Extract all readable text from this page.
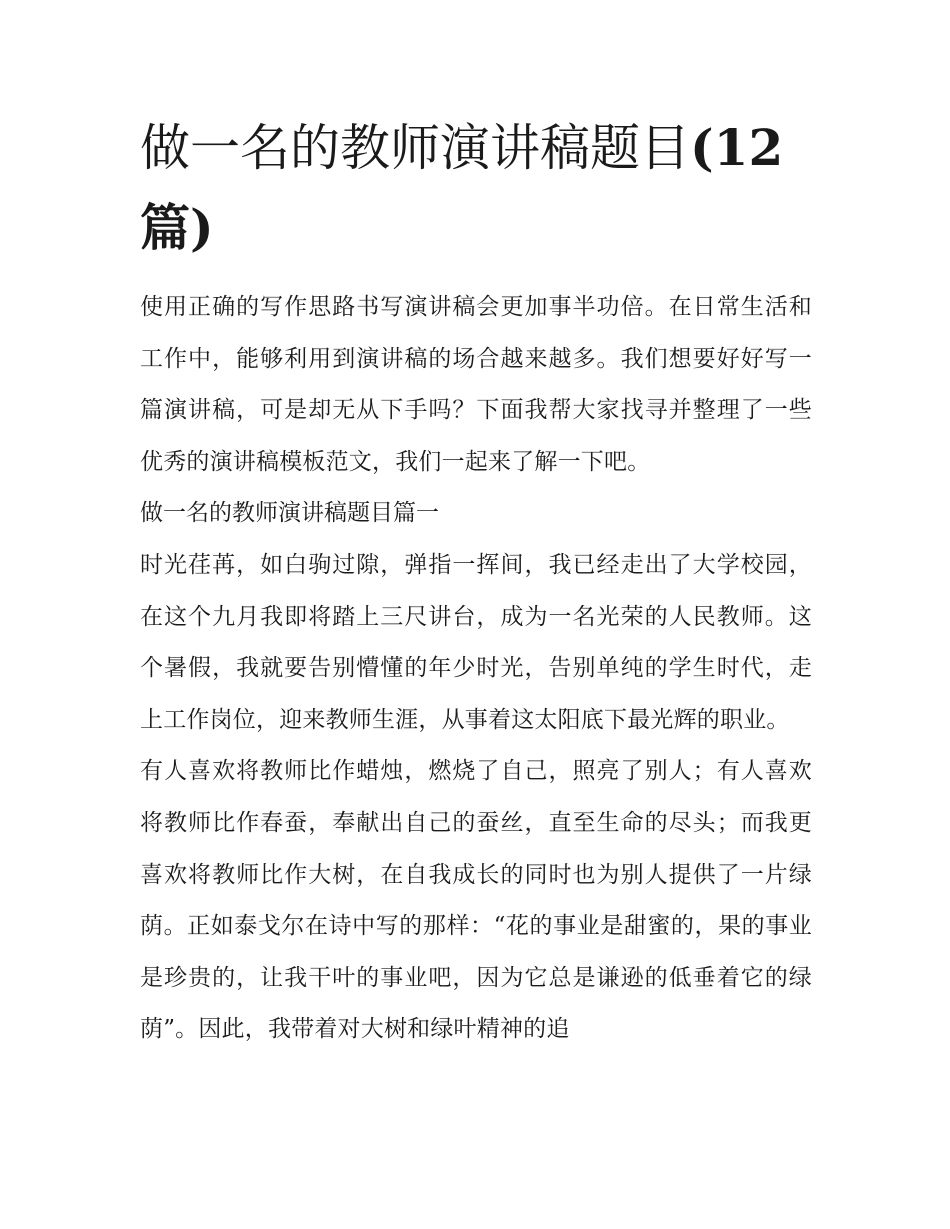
做一名的教师演讲稿题目(12篇)

使用正确的写作思路书写演讲稿会更加事半功倍。在日常生活和工作中，能够利用到演讲稿的场合越来越多。我们想要好好写一篇演讲稿，可是却无从下手吗？下面我帮大家找寻并整理了一些优秀的演讲稿模板范文，我们一起来了解一下吧。

做一名的教师演讲稿题目篇一

时光荏苒，如白驹过隙，弹指一挥间，我已经走出了大学校园，在这个九月我即将踏上三尺讲台，成为一名光荣的人民教师。这个暑假，我就要告别懵懂的年少时光，告别单纯的学生时代，走上工作岗位，迎来教师生涯，从事着这太阳底下最光辉的职业。

有人喜欢将教师比作蜡烛，燃烧了自己，照亮了别人；有人喜欢将教师比作春蚕，奉献出自己的蚕丝，直至生命的尽头；而我更喜欢将教师比作大树，在自我成长的同时也为别人提供了一片绿荫。正如泰戈尔在诗中写的那样：“花的事业是甜蜜的，果的事业是珍贵的，让我干叶的事业吧，因为它总是谦逊的低垂着它的绿荫”。因此，我带着对大树和绿叶精神的追
